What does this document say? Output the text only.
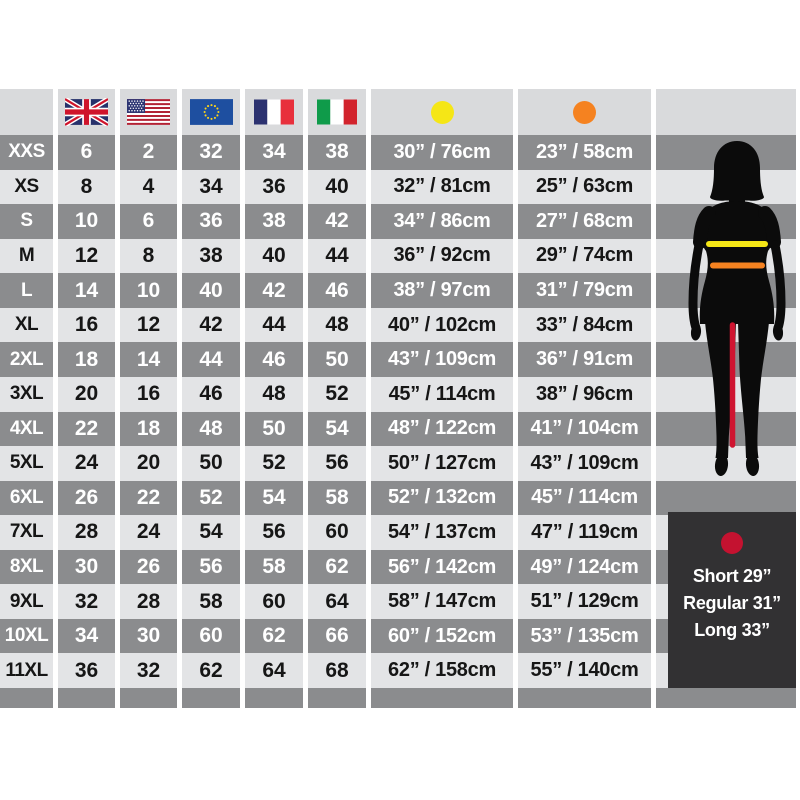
XXS
XS
S
M
L
XL
2XL
3XL
4XL
5XL
6XL
7XL
8XL
9XL
10XL
11XL
6
8
10
12
14
16
18
20
22
24
26
28
30
32
34
36
2
4
6
8
10
12
14
16
18
20
22
24
26
28
30
32
32
34
36
38
40
42
44
46
48
50
52
54
56
58
60
62
34
36
38
40
42
44
46
48
50
52
54
56
58
60
62
64
38
40
42
44
46
48
50
52
54
56
58
60
62
64
66
68
30” / 76cm
32” / 81cm
34” / 86cm
36” / 92cm
38” / 97cm
40” / 102cm
43” / 109cm
45” / 114cm
48” / 122cm
50” / 127cm
52” / 132cm
54” / 137cm
56” / 142cm
58” / 147cm
60” / 152cm
62” / 158cm
23” / 58cm
25” / 63cm
27” / 68cm
29” / 74cm
31” / 79cm
33” / 84cm
36” / 91cm
38” / 96cm
41” / 104cm
43” / 109cm
45” / 114cm
47” / 119cm
49” / 124cm
51” / 129cm
53” / 135cm
55” / 140cm
Short 29”
Regular 31”
Long 33”
